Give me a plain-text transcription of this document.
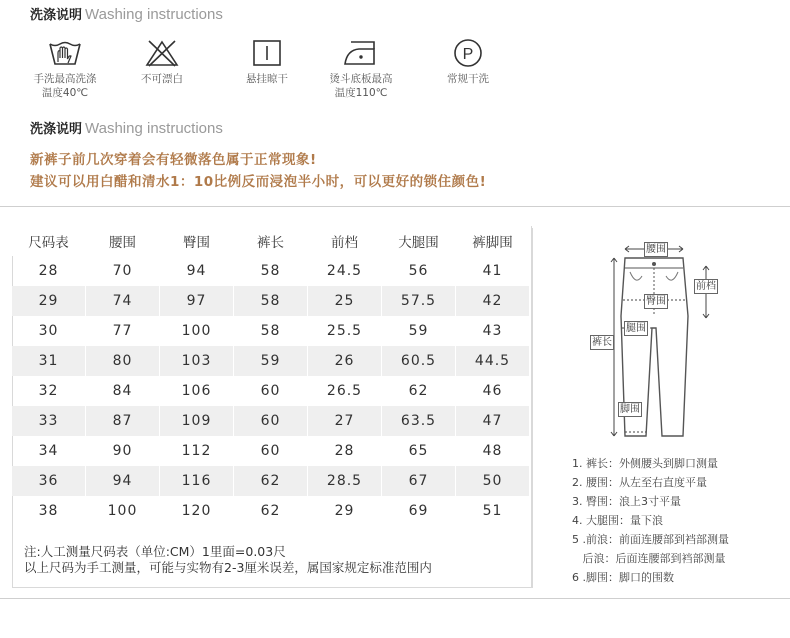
洗涤说明 Washing instructions
手洗最高洗涤
温度40℃
不可漂白	悬挂晾干	烫斗底板最高
温度110℃
P
常规干洗
洗涤说明 Washing instructions
新裤子前几次穿着会有轻微落色属于正常现象!
建议可以用白醋和清水1：10比例反而浸泡半小时，可以更好的锁住颜色!
尺码表	腰围	臀围	裤长	前档	大腿围	裤脚围
28	70	94	58	24.5	56	41
29	74	97	58	25	57.5	42
30	77	100	58	25.5	59	43
31	80	103	59	26	60.5	44.5
32	84	106	60	26.5	62	46
33	87	109	60	27	63.5	47
34	90	112	60	28	65	48
36	94	116	62	28.5	67	50
38	100	120	62	29	69	51
注:人工测量尺码表（单位:CM）1里面=0.03尺
以上尺码为手工测量，可能与实物有2-3厘米误差，属国家规定标准范围内
腰围
前档
臀围
腿围
裤长
脚围
1. 裤长：外侧腰头到脚口测量
2. 腰围：从左至右直度平量
3. 臀围：浪上3寸平量
4. 大腿围：量下浪
5 .前浪：前面连腰部到裆部测量
后浪：后面连腰部到裆部测量
6 .脚围：脚口的围数
